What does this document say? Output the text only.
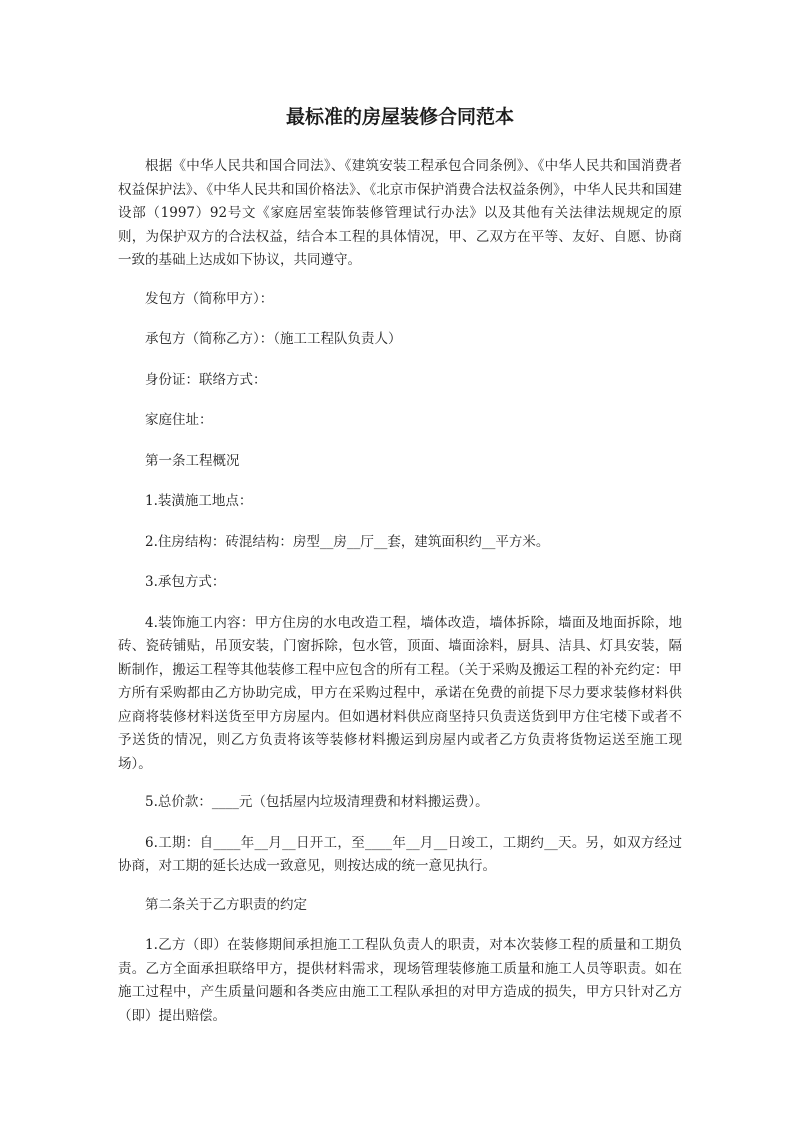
最标准的房屋装修合同范本

根据《中华人民共和国合同法》、《建筑安装工程承包合同条例》、《中华人民共和国消费者权益保护法》、《中华人民共和国价格法》、《北京市保护消费合法权益条例》，中华人民共和国建设部（1997）92号文《家庭居室装饰装修管理试行办法》以及其他有关法律法规规定的原则，为保护双方的合法权益，结合本工程的具体情况，甲、乙双方在平等、友好、自愿、协商一致的基础上达成如下协议，共同遵守。

发包方（简称甲方）：

承包方（简称乙方）：（施工工程队负责人）

身份证：联络方式：

家庭住址：

第一条工程概况

1.装潢施工地点：

2.住房结构：砖混结构：房型__房__厅__套，建筑面积约__平方米。

3.承包方式：

4.装饰施工内容：甲方住房的水电改造工程，墙体改造，墙体拆除，墙面及地面拆除，地砖、瓷砖铺贴，吊顶安装，门窗拆除，包水管，顶面、墙面涂料，厨具、洁具、灯具安装，隔断制作，搬运工程等其他装修工程中应包含的所有工程。（关于采购及搬运工程的补充约定：甲方所有采购都由乙方协助完成，甲方在采购过程中，承诺在免费的前提下尽力要求装修材料供应商将装修材料送货至甲方房屋内。但如遇材料供应商坚持只负责送货到甲方住宅楼下或者不予送货的情况，则乙方负责将该等装修材料搬运到房屋内或者乙方负责将货物运送至施工现场）。

5.总价款：____元（包括屋内垃圾清理费和材料搬运费）。

6.工期：自____年__月__日开工，至____年__月__日竣工，工期约__天。另，如双方经过协商，对工期的延长达成一致意见，则按达成的统一意见执行。

第二条关于乙方职责的约定

1.乙方（即）在装修期间承担施工工程队负责人的职责，对本次装修工程的质量和工期负责。乙方全面承担联络甲方，提供材料需求，现场管理装修施工质量和施工人员等职责。如在施工过程中，产生质量问题和各类应由施工工程队承担的对甲方造成的损失，甲方只针对乙方（即）提出赔偿。
